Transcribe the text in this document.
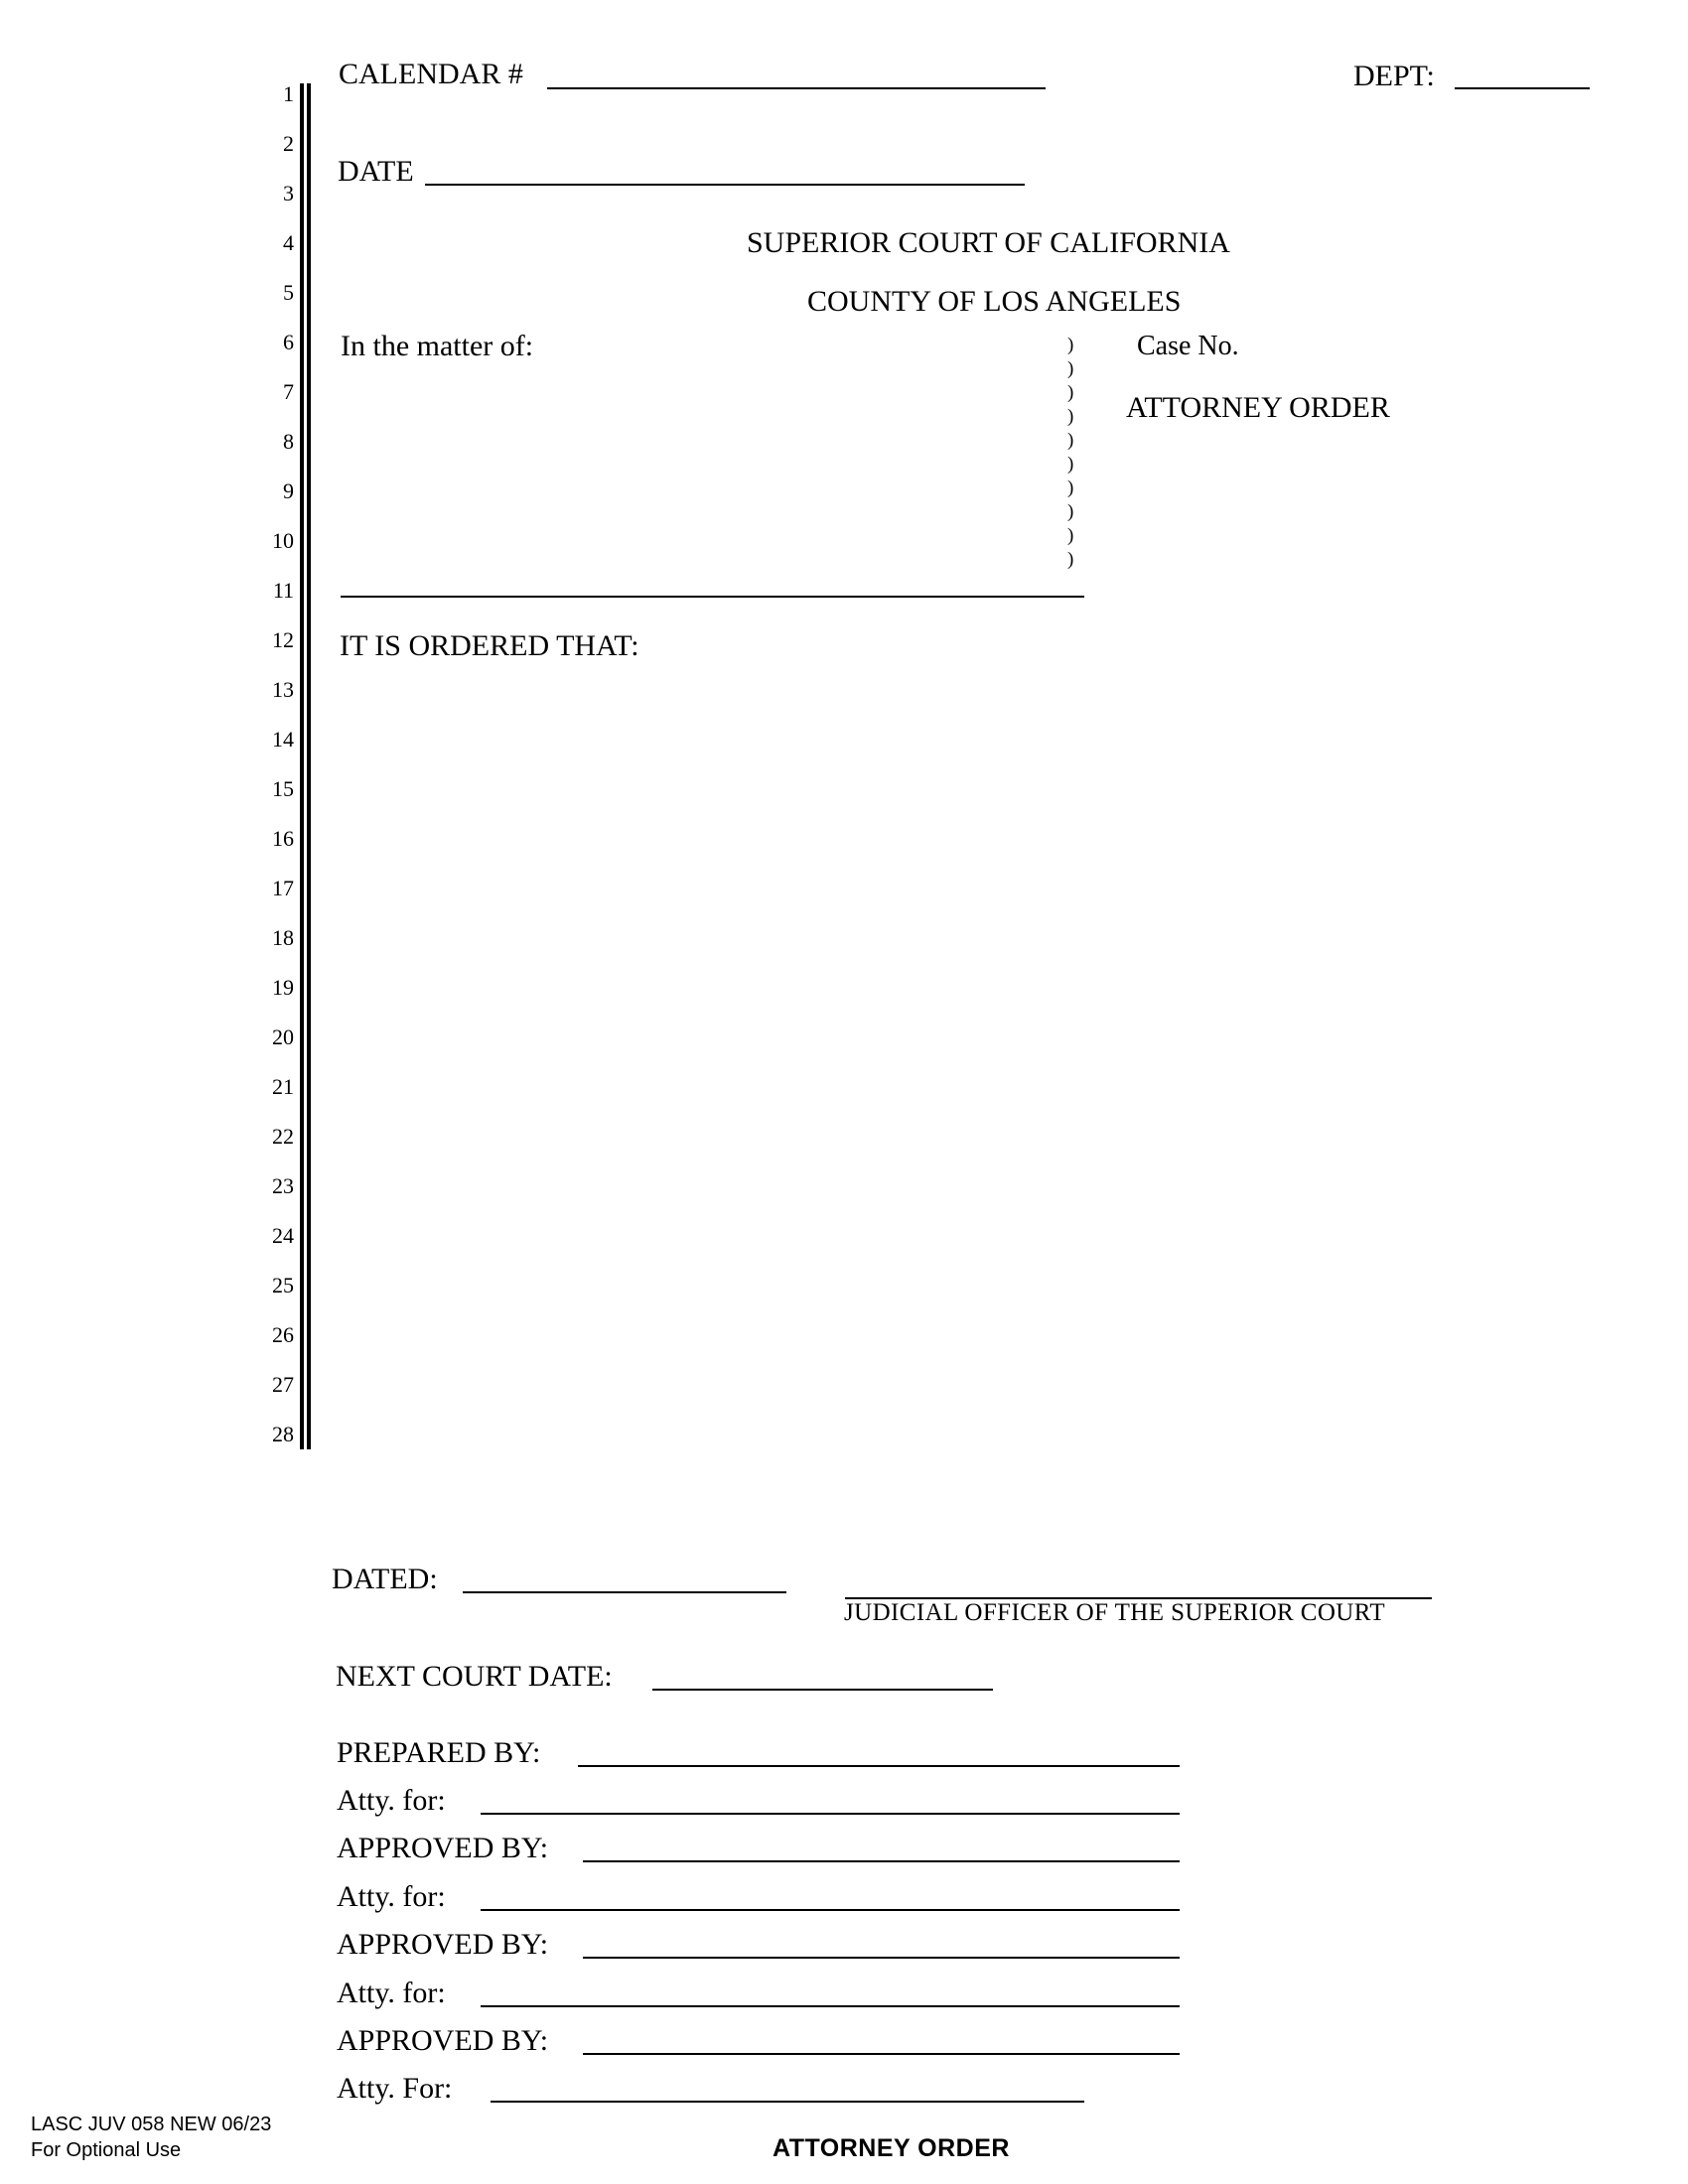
1
2
3
4
5
6
7
8
9
10
11
12
13
14
15
16
17
18
19
20
21
22
23
24
25
26
27
28
CALENDAR #	DEPT:
DATE
SUPERIOR COURT OF CALIFORNIA
COUNTY OF LOS ANGELES
In the matter of:	)
)
)
)
)
)
)
)
)
)
Case No.
ATTORNEY ORDER
IT IS ORDERED THAT:
DATED:
JUDICIAL OFFICER OF THE SUPERIOR COURT
NEXT COURT DATE:
PREPARED BY:
Atty. for:
APPROVED BY:
Atty. for:
APPROVED BY:
Atty. for:
APPROVED BY:
Atty. For:
LASC JUV 058 NEW 06/23
For Optional Use	ATTORNEY ORDER
